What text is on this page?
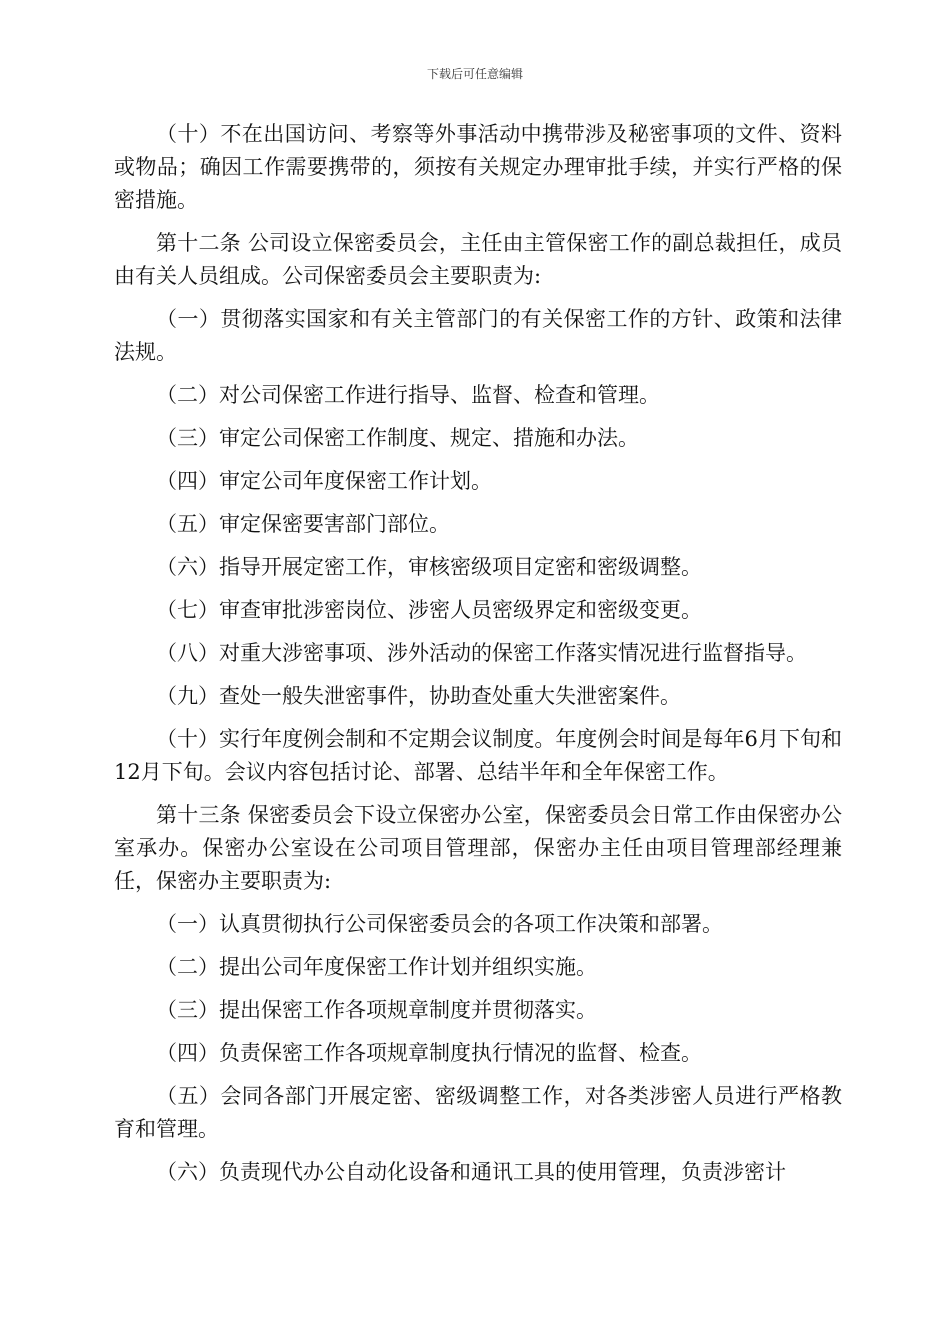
下载后可任意编辑

（十）不在出国访问、考察等外事活动中携带涉及秘密事项的文件、资料或物品；确因工作需要携带的，须按有关规定办理审批手续，并实行严格的保密措施。

第十二条 公司设立保密委员会，主任由主管保密工作的副总裁担任，成员由有关人员组成。公司保密委员会主要职责为:

（一）贯彻落实国家和有关主管部门的有关保密工作的方针、政策和法律法规。

（二）对公司保密工作进行指导、监督、检查和管理。

（三）审定公司保密工作制度、规定、措施和办法。

（四）审定公司年度保密工作计划。

（五）审定保密要害部门部位。

（六）指导开展定密工作，审核密级项目定密和密级调整。

（七）审查审批涉密岗位、涉密人员密级界定和密级变更。

（八）对重大涉密事项、涉外活动的保密工作落实情况进行监督指导。

（九）查处一般失泄密事件，协助查处重大失泄密案件。

（十）实行年度例会制和不定期会议制度。年度例会时间是每年6月下旬和12月下旬。会议内容包括讨论、部署、总结半年和全年保密工作。

第十三条 保密委员会下设立保密办公室，保密委员会日常工作由保密办公室承办。保密办公室设在公司项目管理部，保密办主任由项目管理部经理兼任，保密办主要职责为:

（一）认真贯彻执行公司保密委员会的各项工作决策和部署。

（二）提出公司年度保密工作计划并组织实施。

（三）提出保密工作各项规章制度并贯彻落实。

（四）负责保密工作各项规章制度执行情况的监督、检查。

（五）会同各部门开展定密、密级调整工作，对各类涉密人员进行严格教育和管理。

（六）负责现代办公自动化设备和通讯工具的使用管理，负责涉密计
